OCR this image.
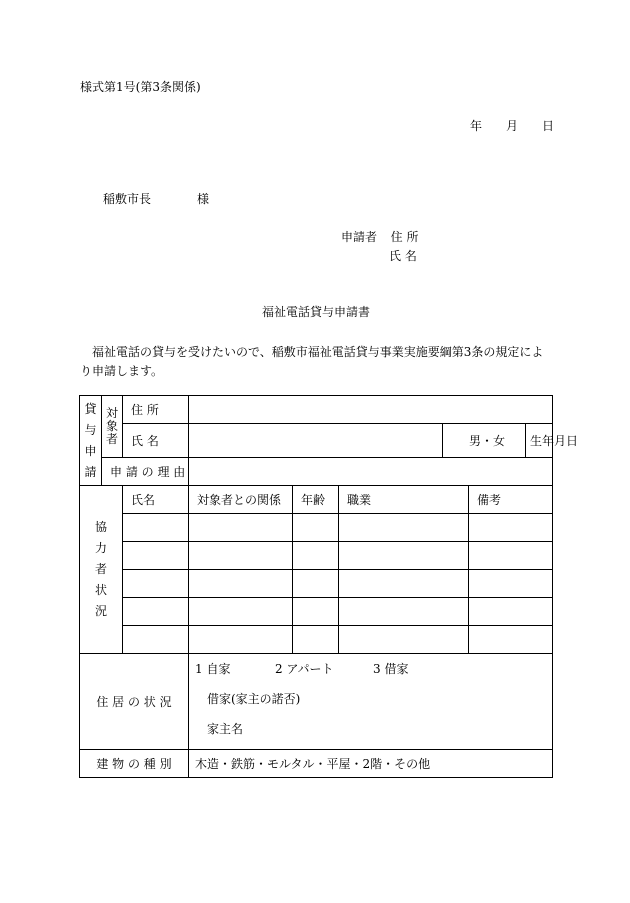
様式第1号(第3条関係)
年 月 日
稲敷市長	様
申請者 住 所
氏 名
福祉電話貸与申請書
福祉電話の貸与を受けたいので、稲敷市福祉電話貸与事業実施要綱第3条の規定により申請します。
貸与申請	対象者	住 所							
		氏 名				男・女		生年月日	
	申 請 の 理 由								
協力者状況		氏名	対象者との関係	年齢	職業		備考		

住 居 の 状 況			1 自家 2 アパート 3 借家
借家(家主の諾否)
家主名						

建 物 の 種 別			木造・鉄筋・モルタル・平屋・2階・その他						
